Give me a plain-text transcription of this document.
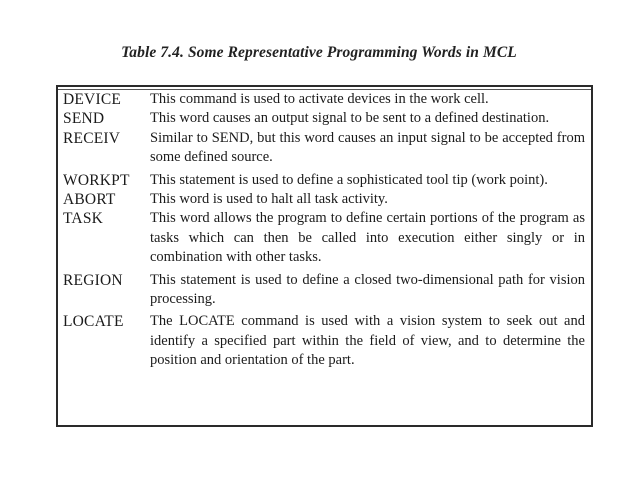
Table 7.4. Some Representative Programming Words in MCL
DEVICE	This command is used to activate devices in the work cell.
SEND	This word causes an output signal to be sent to a defined destination.
RECEIV	Similar to SEND, but this word causes an input signal to be accepted from some defined source.
WORKPT	This statement is used to define a sophisticated tool tip (work point).
ABORT	This word is used to halt all task activity.
TASK	This word allows the program to define certain portions of the program as tasks which can then be called into execution either singly or in combination with other tasks.
REGION	This statement is used to define a closed two-dimensional path for vision processing.
LOCATE	The LOCATE command is used with a vision system to seek out and identify a specified part within the field of view, and to determine the position and orientation of the part.
